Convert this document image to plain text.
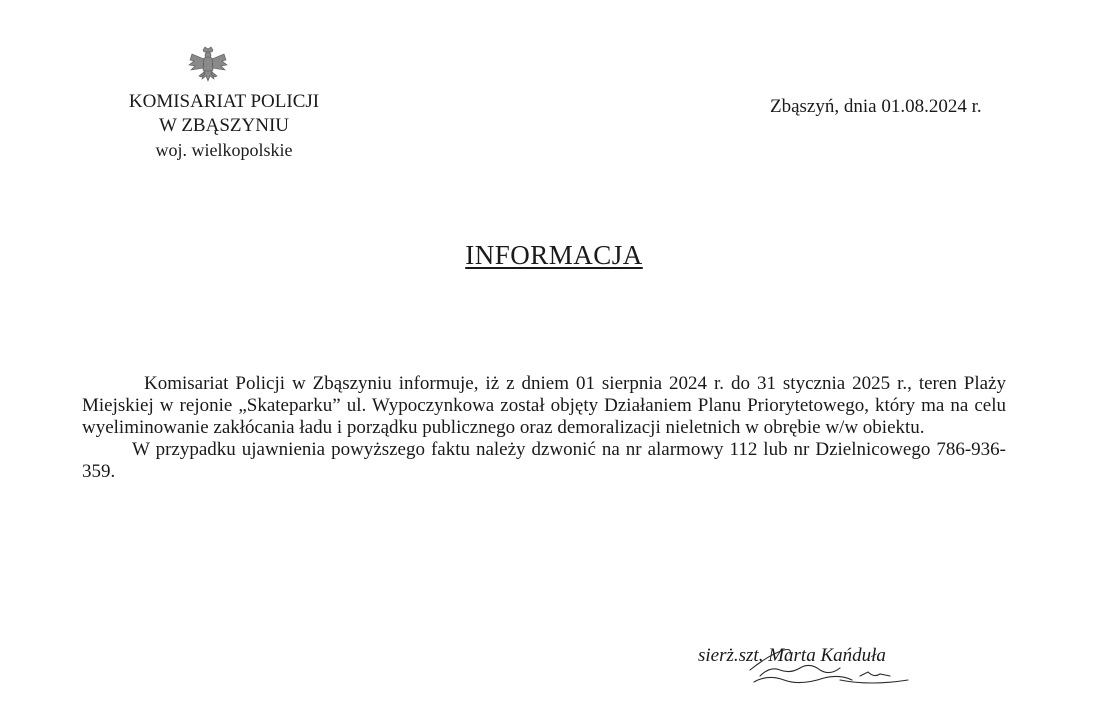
KOMISARIAT POLICJI
W ZBĄSZYNIU
woj. wielkopolskie
Zbąszyń, dnia 01.08.2024 r.
INFORMACJA

Komisariat Policji w Zbąszyniu informuje, iż z dniem 01 sierpnia 2024 r. do 31 stycznia 2025 r., teren Plaży Miejskiej w rejonie „Skateparku” ul. Wypoczynkowa został objęty Działaniem Planu Priorytetowego, który ma na celu wyeliminowanie zakłócania ładu i porządku publicznego oraz demoralizacji nieletnich w obrębie w/w obiektu.

W przypadku ujawnienia powyższego faktu należy dzwonić na nr alarmowy 112 lub nr Dzielnicowego 786-936-359.

sierż.szt. Marta Kańduła
